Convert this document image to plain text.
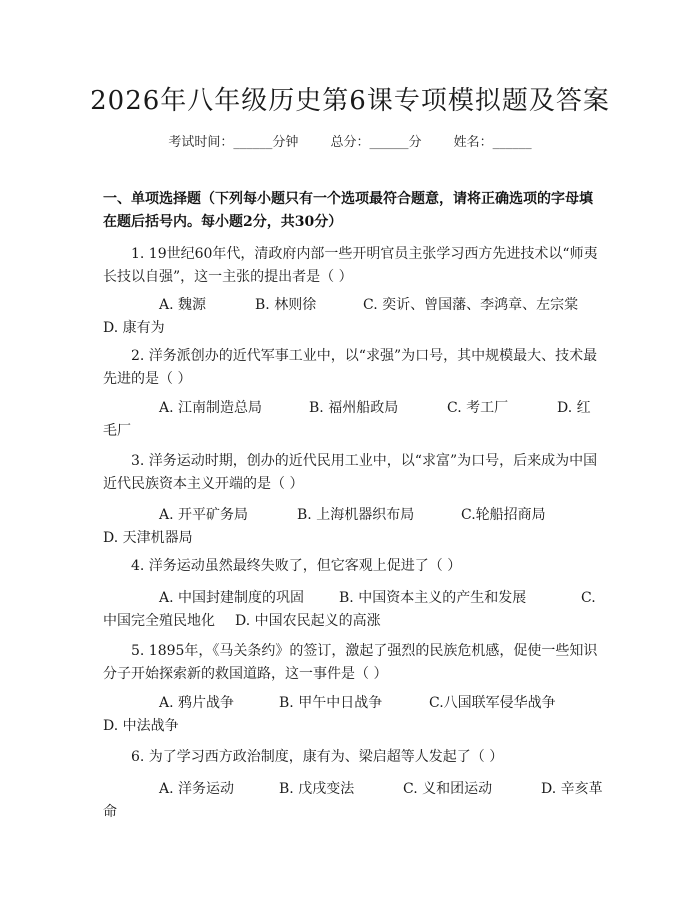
2026年八年级历史第6课专项模拟题及答案
考试时间：______分钟 总分：______分 姓名：______
一、单项选择题（下列每小题只有一个选项最符合题意，请将正确选项的字母填在题后括号内。每小题2分，共30分）
1. 19世纪60年代，清政府内部一些开明官员主张学习西方先进技术以“师夷长技以自强”，这一主张的提出者是（ ）
A. 魏源	B. 林则徐	C. 奕䜣、曾国藩、李鸿章、左宗棠
D. 康有为
2. 洋务派创办的近代军事工业中，以“求强”为口号，其中规模最大、技术最先进的是（ ）
A. 江南制造总局	B. 福州船政局	C. 考工厂	D. 红毛厂
3. 洋务运动时期，创办的近代民用工业中，以“求富”为口号，后来成为中国近代民族资本主义开端的是（ ）
A. 开平矿务局	B. 上海机器织布局	C.轮船招商局D. 天津机器局
4. 洋务运动虽然最终失败了，但它客观上促进了（ ）
A. 中国封建制度的巩固 B. 中国资本主义的产生和发展	C. 中国完全殖民地化 D. 中国农民起义的高涨
5. 1895年，《马关条约》的签订，激起了强烈的民族危机感，促使一些知识分子开始探索新的救国道路，这一事件是（ ）
A. 鸦片战争	B. 甲午中日战争	C.八国联军侵华战争
D. 中法战争
6. 为了学习西方政治制度，康有为、梁启超等人发起了（ ）
A. 洋务运动	B. 戊戌变法	C. 义和团运动	D. 辛亥革命
